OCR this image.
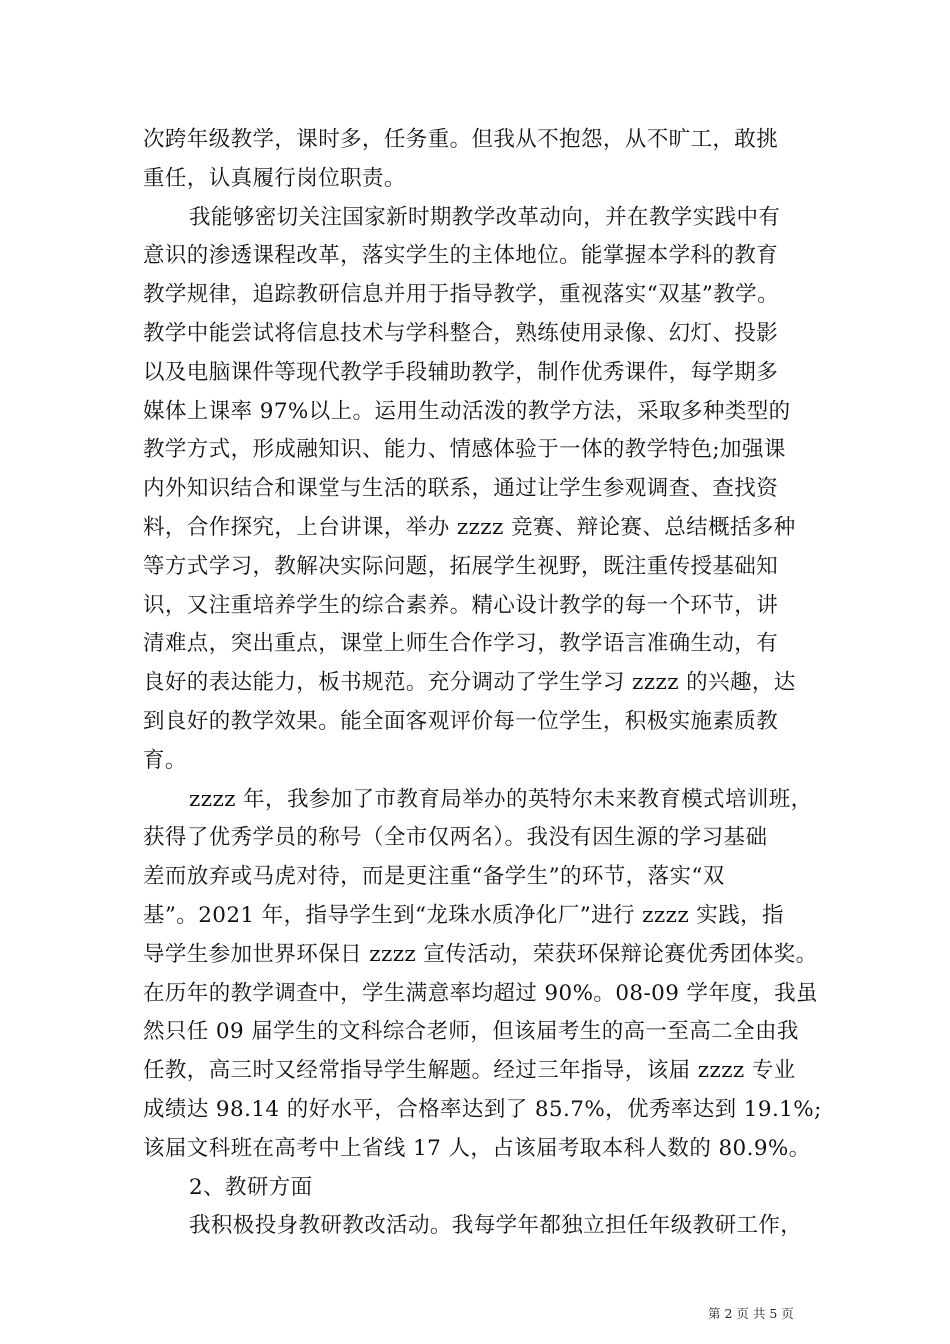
次跨年级教学，课时多，任务重。但我从不抱怨，从不旷工，敢挑
重任，认真履行岗位职责。
我能够密切关注国家新时期教学改革动向，并在教学实践中有
意识的渗透课程改革，落实学生的主体地位。能掌握本学科的教育
教学规律，追踪教研信息并用于指导教学，重视落实“双基”教学。
教学中能尝试将信息技术与学科整合，熟练使用录像、幻灯、投影
以及电脑课件等现代教学手段辅助教学，制作优秀课件，每学期多
媒体上课率 97%以上。运用生动活泼的教学方法，采取多种类型的
教学方式，形成融知识、能力、情感体验于一体的教学特色;加强课
内外知识结合和课堂与生活的联系，通过让学生参观调查、查找资
料，合作探究，上台讲课，举办 zzzz 竞赛、辩论赛、总结概括多种
等方式学习，教解决实际问题，拓展学生视野，既注重传授基础知
识，又注重培养学生的综合素养。精心设计教学的每一个环节，讲
清难点，突出重点，课堂上师生合作学习，教学语言准确生动，有
良好的表达能力，板书规范。充分调动了学生学习 zzzz 的兴趣，达
到良好的教学效果。能全面客观评价每一位学生，积极实施素质教
育。
zzzz 年，我参加了市教育局举办的英特尔未来教育模式培训班，
获得了优秀学员的称号（全市仅两名）。我没有因生源的学习基础
差而放弃或马虎对待，而是更注重“备学生”的环节，落实“双
基”。2021 年，指导学生到“龙珠水质净化厂”进行 zzzz 实践，指
导学生参加世界环保日 zzzz 宣传活动，荣获环保辩论赛优秀团体奖。
在历年的教学调查中，学生满意率均超过 90%。08-09 学年度，我虽
然只任 09 届学生的文科综合老师，但该届考生的高一至高二全由我
任教，高三时又经常指导学生解题。经过三年指导，该届 zzzz 专业
成绩达 98.14 的好水平，合格率达到了 85.7%，优秀率达到 19.1%;
该届文科班在高考中上省线 17 人，占该届考取本科人数的 80.9%。
2、教研方面
我积极投身教研教改活动。我每学年都独立担任年级教研工作，
第 2 页 共 5 页
